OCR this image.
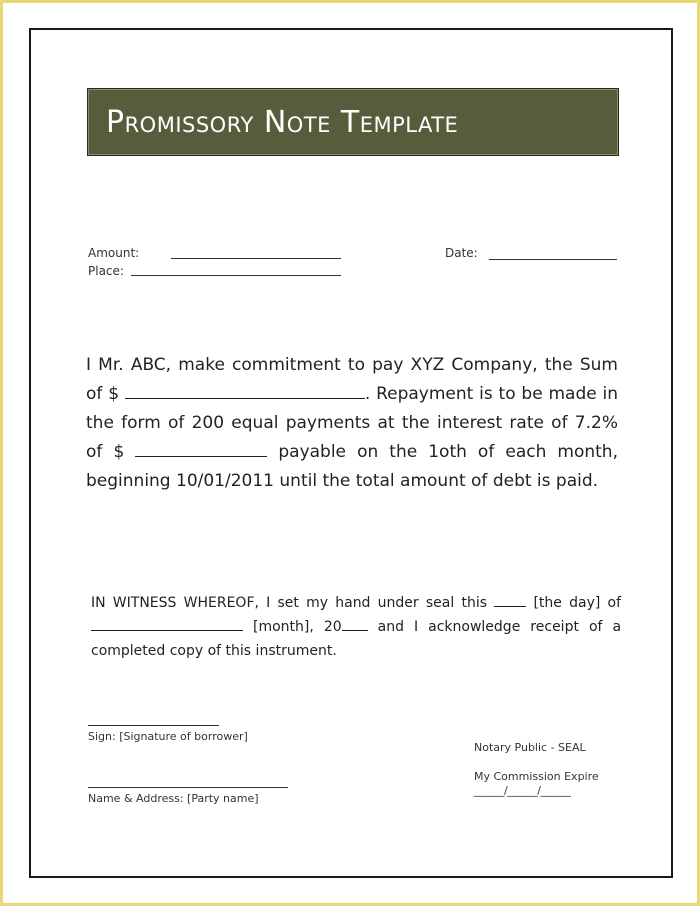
Promissory Note Template
Amount:
Place:
Date:

I Mr. ABC, make commitment to pay XYZ Company, the Sum of $	. Repayment is to be made in the form of 200 equal payments at the interest rate of 7.2% of $	payable on the 1oth of each month, beginning 10/01/2011 until the total amount of debt is paid.

IN WITNESS WHEREOF, I set my hand under seal this	[the day] of  [month], 20	and I acknowledge receipt of a completed copy of this instrument.

Sign: [Signature of borrower]
Name & Address: [Party name]
Notary Public - SEAL
My Commission Expire
______/______/______
